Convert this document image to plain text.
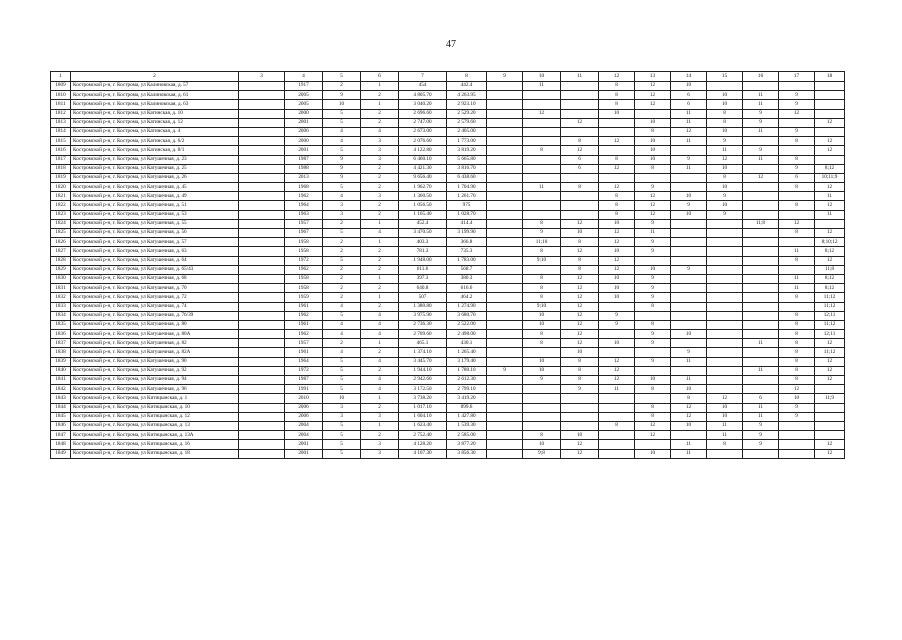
47
1	2	3	4	5	6	7	8	9	10	11	12	13	14	15	16	17	18
1809	Костромской р-н, г. Кострома, ул Калиновская, д. 57		1917	2	1	454	442.4		11		8	12	10				
1810	Костромской р-н, г. Кострома, ул Калиновская, д. 61		2005	9	2	4 805.70	4 263.95				8	12	6	10	11	9	
1811	Костромской р-н, г. Кострома, ул Калиновская, д. 63		2005	10	1	3 040.20	2 923.10				8	12	6	10	11	9	
1812	Костромской р-н, г. Кострома, ул Катинская, д. 10		2000	5	2	2 696.60	2 529.20		12		10		11	8	9	12	
1813	Костромской р-н, г. Кострома, ул Катинская, д. 12		2001	5	2	2 747.00	2 579.60			12		10	11	8	9		12
1814	Костромской р-н, г. Кострома, ул Катинская, д. 4		2006	4	4	2 673.00	2 405.00					8	12	10	11	9	
1815	Костромской р-н, г. Кострома, ул Катинская, д. 6/2		2000	4	3	2 076.60	1 773.00			8	12	10	11	9		8	12
1816	Костромской р-н, г. Кострома, ул Катинская, д. 8/1		2001	5	3	4 122.80	3 819.20		8	12		10		11	9		12
1817	Костромской р-н, г. Кострома, ул Катушечная, д. 23		1987	9	3	6 460.10	5 665.80			6	8	10	9	12	11	8	
1818	Костромской р-н, г. Кострома, ул Катушечная, д. 25		1988	9	2	4 421.30	3 816.70			6	12	8	11	10		9	8;12
1819	Костромской р-н, г. Кострома, ул Катушечная, д. 26		2013	9	2	9 656.40	6 438.60							8	12	6	10;11;9
1820	Костромской р-н, г. Кострома, ул Катушечная, д. 45		1968	5	2	1 962.70	1 704.90		11	8	12	9		10		8	12
1821	Костромской р-н, г. Кострома, ул Катушечная, д. 49		1962	4	3	1 360.50	1 261.70				8	12	10	9			11
1822	Костромской р-н, г. Кострома, ул Катушечная, д. 51		1964	3	2	1 056.50	975				8	12	9	10		8	12
1823	Костромской р-н, г. Кострома, ул Катушечная, д. 53		1963	3	2	1 165.40	1 028.70				8	12	10	9			11
1824	Костромской р-н, г. Кострома, ул Катушечная, д. 55		1957	2	1	452.4	414.4		8	12	10	9			11;8	12	
1825	Костромской р-н, г. Кострома, ул Катушечная, д. 56		1967	5	4	3 470.50	3 199.90		9	10	12	11				8	12
1826	Костромской р-н, г. Кострома, ул Катушечная, д. 57		1958	2	1	403.3	366.8		11;10	8	12	9					8;10;12
1827	Костромской р-н, г. Кострома, ул Катушечная, д. 63		1958	2	2	781.3	735.3		8	12	10	9				11	8;12
1828	Костромской р-н, г. Кострома, ул Катушечная, д. 64		1972	5	2	1 948.00	1 783.00		9;10	8	12					8	12
1829	Костромской р-н, г. Кострома, ул Катушечная, д. 65/43		1962	2	2	611.6	568.7			8	12	10	9				11;8
1830	Костромской р-н, г. Кострома, ул Катушечная, д. 68		1958	2	1	397.3	380.3		8	12	10	9				11	8;12
1831	Костромской р-н, г. Кострома, ул Катушечная, д. 70		1958	2	2	640.8	616.6		8	12	10	9				11	8;12
1832	Костромской р-н, г. Кострома, ул Катушечная, д. 72		1959	2	1	507	464.2		8	12	10	9				8	11;12
1833	Костромской р-н, г. Кострома, ул Катушечная, д. 74		1961	4	2	1 380.80	1 274.90		9;10	12		8					11;12
1834	Костромской р-н, г. Кострома, ул Катушечная, д. 76/39		1962	5	4	3 975.90	3 680.70		10	12	9					8	12;11
1835	Костромской р-н, г. Кострома, ул Катушечная, д. 80		1961	4	4	2 736.30	2 522.00		10	12	9	8				8	11;12
1836	Костромской р-н, г. Кострома, ул Катушечная, д. 80А		1962	4	4	2 709.60	2 498.00		8	12		9	10			8	12;11
1837	Костромской р-н, г. Кострома, ул Катушечная, д. 82		1957	2	1	465.1	430.1		8	12	10	9			11	8	12
1838	Костромской р-н, г. Кострома, ул Катушечная, д. 82А		1961	4	2	1 374.10	1 265.40			10			9			8	11;12
1839	Костромской р-н, г. Кострома, ул Катушечная, д. 90		1964	5	4	3 445.70	3 179.40		10	8	12	9	11			8	12
1840	Костромской р-н, г. Кострома, ул Катушечная, д. 92		1972	5	2	1 944.10	1 780.10	9	10	8	12				11	8	12
1841	Костромской р-н, г. Кострома, ул Катушечная, д. 94		1987	5	4	2 942.60	2 612.30		9	8	12	10	11			8	12
1842	Костромской р-н, г. Кострома, ул Катушечная, д. 96		1991	5	4	3 172.50	2 799.10			9	11	8	10			12	
1843	Костромской р-н, г. Кострома, ул Китицынская, д. 1		2010	10	1	3 738.20	3 419.20						8	12	6	10	11;9
1844	Костромской р-н, г. Кострома, ул Китицынская, д. 10		2006	3	2	1 017.10	899.6					8	12	10	11	9	
1845	Костромской р-н, г. Кострома, ул Китицынская, д. 12		2006	3	3	1 604.10	1 427.80					8	12	10	11	9	
1846	Костромской р-н, г. Кострома, ул Китицынская, д. 13		2004	5	1	1 623.40	1 539.30				8	12	10	11	9		
1847	Костромской р-н, г. Кострома, ул Китицынская, д. 13А		2004	5	2	2 752.40	2 585.00		8	10		12		11	9		
1848	Костромской р-н, г. Кострома, ул Китицынская, д. 16		2001	5	3	4 128.20	3 877.20		10	12			11	8	9		12
1849	Костромской р-н, г. Кострома, ул Китицынская, д. 18		2001	5	3	4 107.30	3 856.30		9;8	12		10	11				12
